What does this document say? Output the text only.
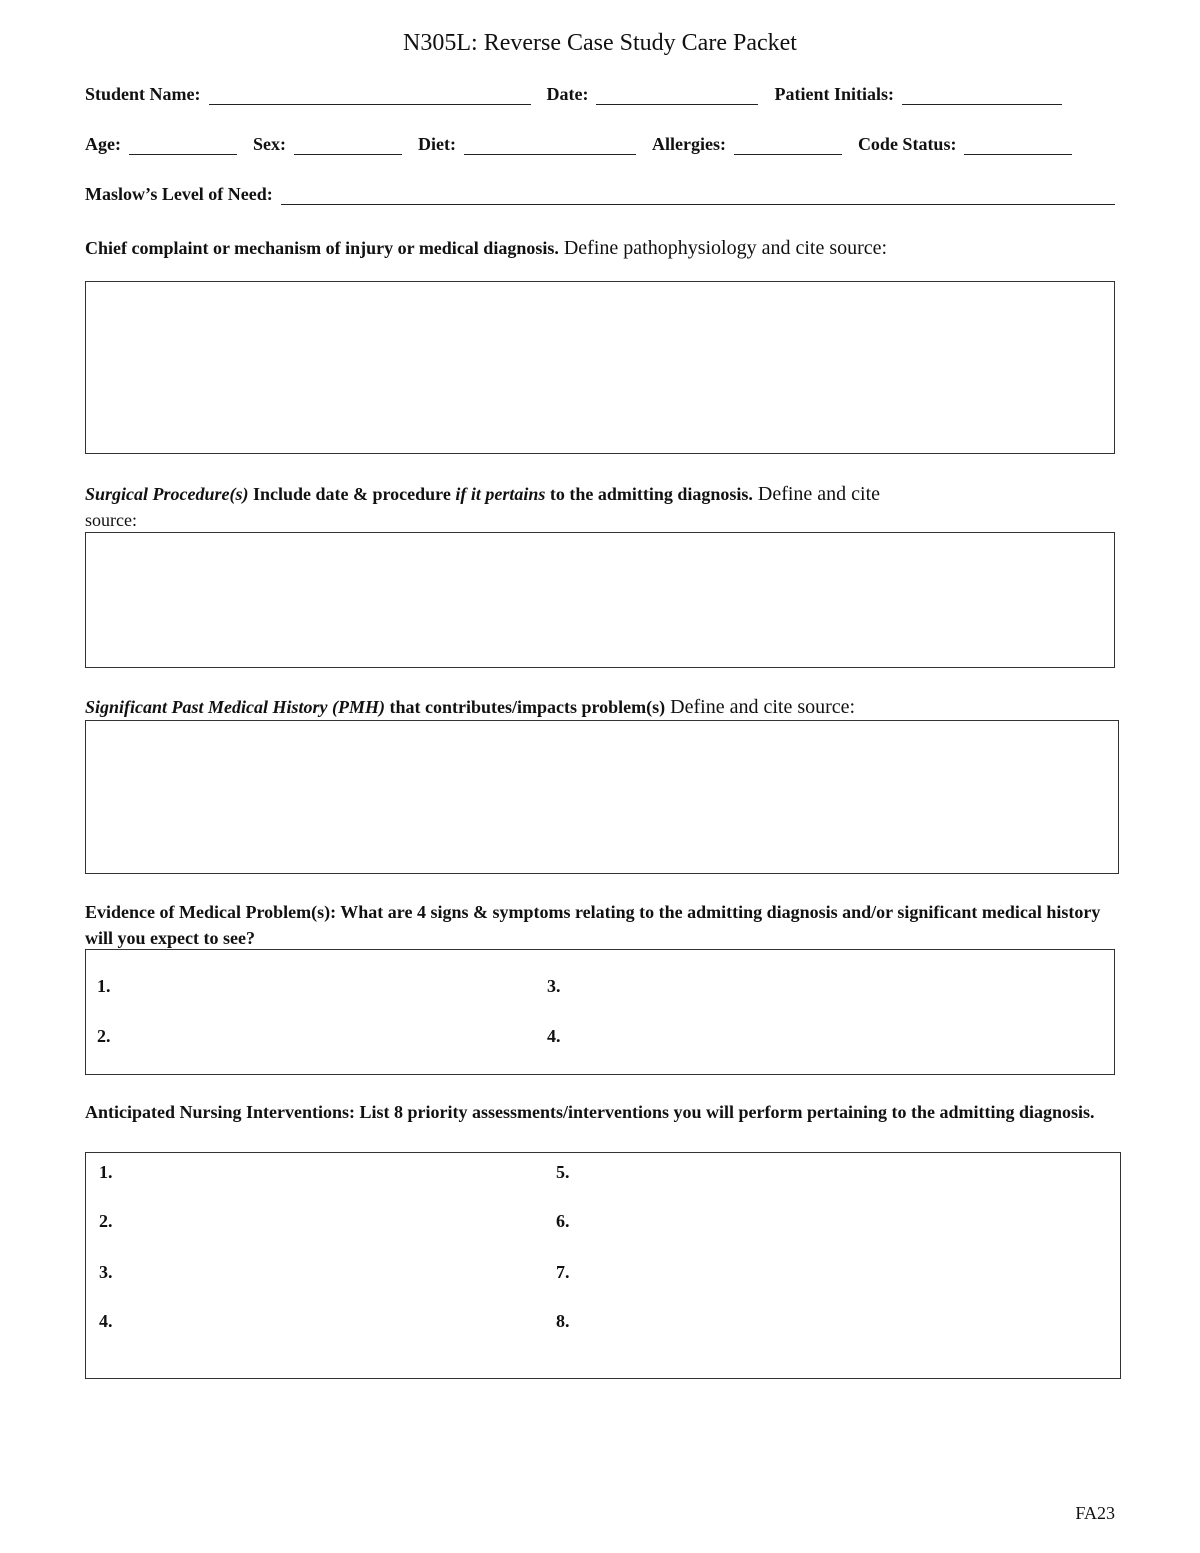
N305L: Reverse Case Study Care Packet
Student Name:	Date:	Patient Initials:
Age:	Sex:	Diet:	Allergies:	Code Status:
Maslow’s Level of Need:
Chief complaint or mechanism of injury or medical diagnosis. Define pathophysiology and cite source:
Surgical Procedure(s) Include date & procedure if it pertains to the admitting diagnosis. Define and cite
source:
Significant Past Medical History (PMH) that contributes/impacts problem(s) Define and cite source:
Evidence of Medical Problem(s): What are 4 signs & symptoms relating to the admitting diagnosis and/or significant medical history will you expect to see?
1.
2.
3.
4.
Anticipated Nursing Interventions: List 8 priority assessments/interventions you will perform pertaining to the admitting diagnosis.
1.
2.
3.
4.
5.
6.
7.
8.
FA23
